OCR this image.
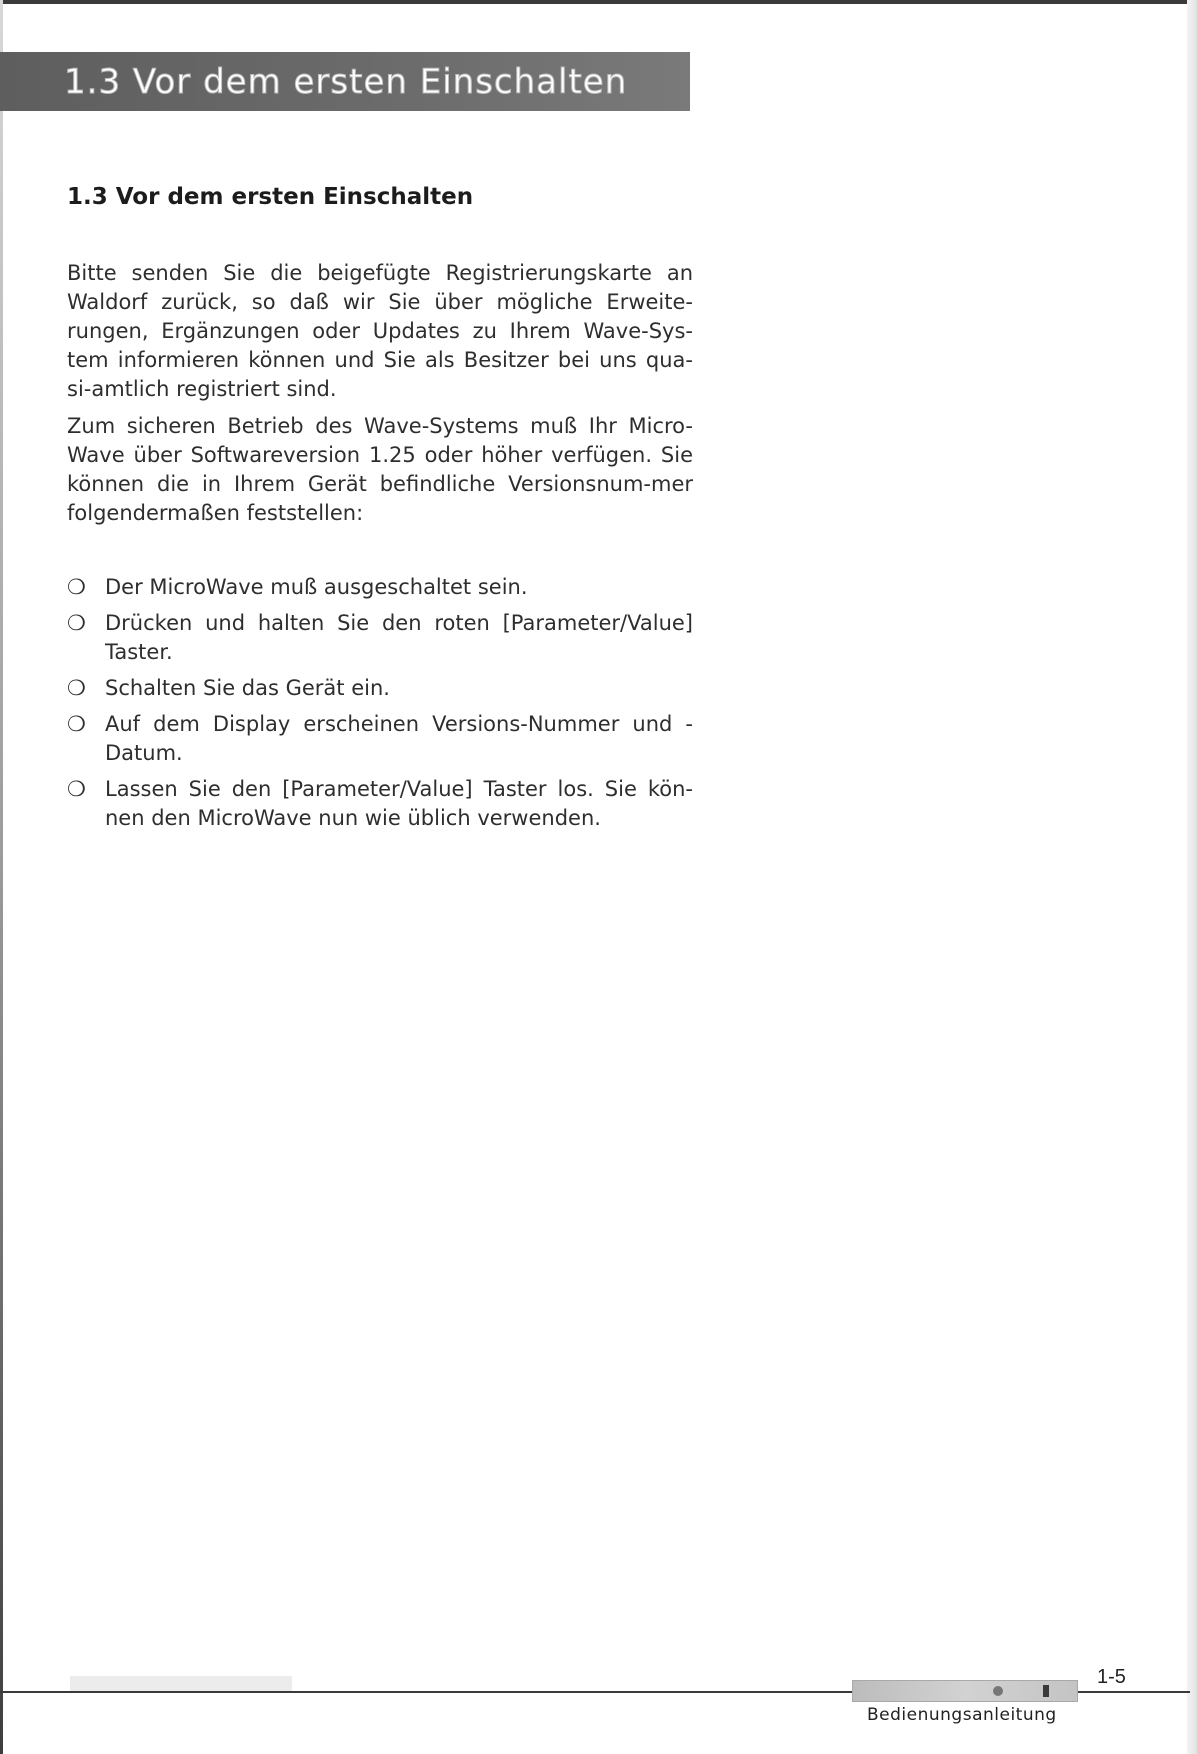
1.3 Vor dem ersten Einschalten
1.3 Vor dem ersten Einschalten

Bitte senden Sie die beigefügte Registrierungskarte an Waldorf zurück, so daß wir Sie über mögliche Erweite-rungen, Ergänzungen oder Updates zu Ihrem Wave-Sys-tem informieren können und Sie als Besitzer bei uns qua-si-amtlich registriert sind.

Zum sicheren Betrieb des Wave-Systems muß Ihr Micro-Wave über Softwareversion 1.25 oder höher verfügen. Sie können die in Ihrem Gerät befindliche Versionsnum-mer folgendermaßen feststellen:

❍ Der MicroWave muß ausgeschaltet sein.
❍ Drücken und halten Sie den roten [Parameter/Value] Taster.
❍ Schalten Sie das Gerät ein.
❍ Auf dem Display erscheinen Versions-Nummer und -Datum.
❍ Lassen Sie den [Parameter/Value] Taster los. Sie kön-nen den MicroWave nun wie üblich verwenden.
1-5
Bedienungsanleitung
